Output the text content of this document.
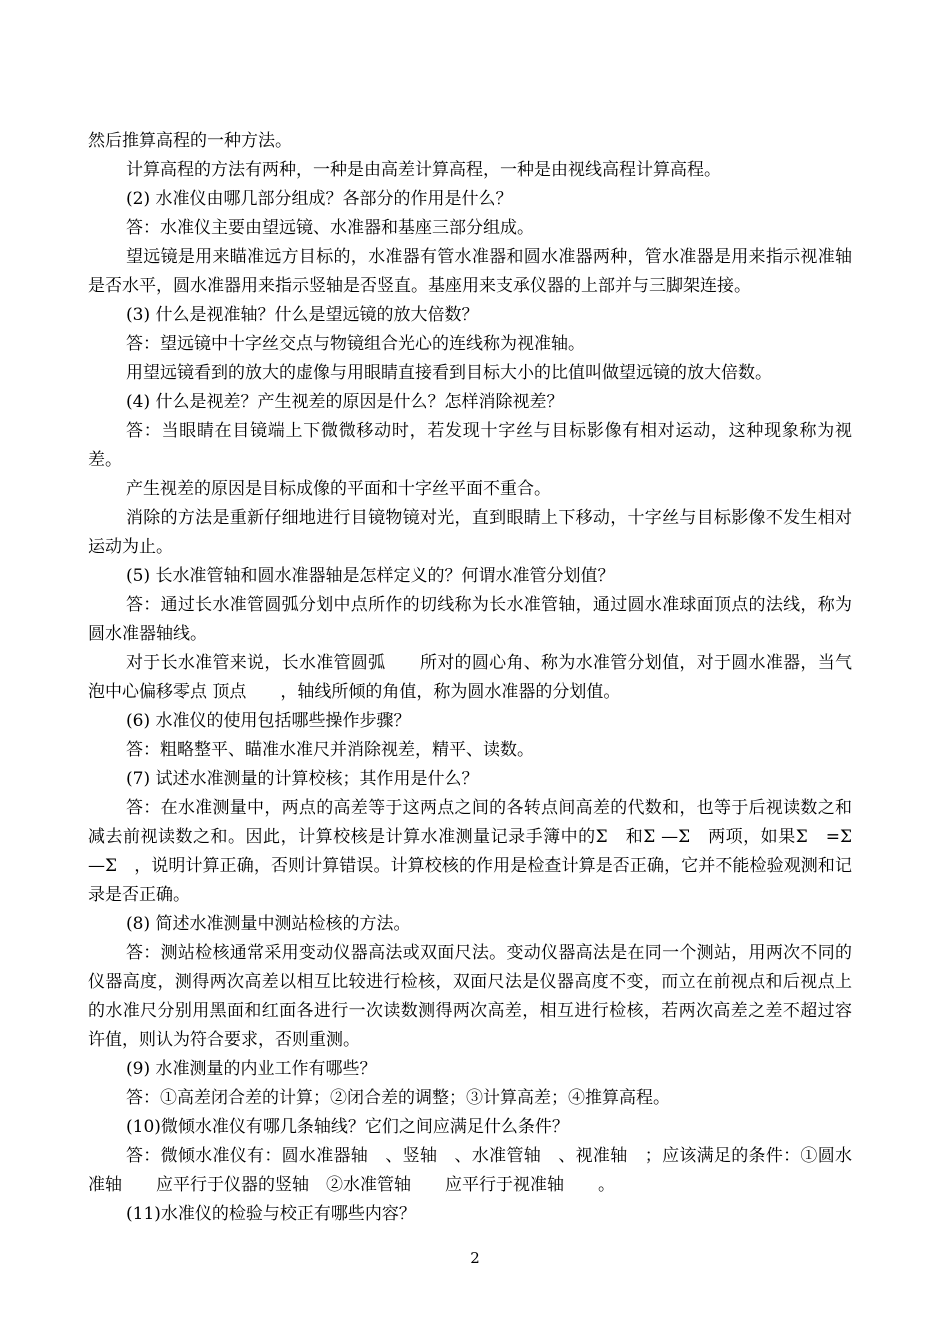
然后推算高程的一种方法。

计算高程的方法有两种，一种是由高差计算高程，一种是由视线高程计算高程。

(2) 水准仪由哪几部分组成？各部分的作用是什么？

答：水准仪主要由望远镜、水准器和基座三部分组成。

望远镜是用来瞄准远方目标的，水准器有管水准器和圆水准器两种，管水准器是用来指示视准轴是否水平，圆水准器用来指示竖轴是否竖直。基座用来支承仪器的上部并与三脚架连接。

(3) 什么是视准轴？什么是望远镜的放大倍数？

答：望远镜中十字丝交点与物镜组合光心的连线称为视准轴。

用望远镜看到的放大的虚像与用眼睛直接看到目标大小的比值叫做望远镜的放大倍数。

(4) 什么是视差？产生视差的原因是什么？怎样消除视差？

答：当眼睛在目镜端上下微微移动时，若发现十字丝与目标影像有相对运动，这种现象称为视差。

产生视差的原因是目标成像的平面和十字丝平面不重合。

消除的方法是重新仔细地进行目镜物镜对光，直到眼睛上下移动，十字丝与目标影像不发生相对运动为止。

(5) 长水准管轴和圆水准器轴是怎样定义的？何谓水准管分划值？

答：通过长水准管圆弧分划中点所作的切线称为长水准管轴，通过圆水准球面顶点的法线，称为圆水准器轴线。

对于长水准管来说，长水准管圆弧　　所对的圆心角、称为水准管分划值，对于圆水准器，当气泡中心偏移零点 顶点　　，轴线所倾的角值，称为圆水准器的分划值。

(6) 水准仪的使用包括哪些操作步骤？

答：粗略整平、瞄准水准尺并消除视差，精平、读数。

(7) 试述水准测量的计算校核；其作用是什么？

答：在水准测量中，两点的高差等于这两点之间的各转点间高差的代数和，也等于后视读数之和减去前视读数之和。因此，计算校核是计算水准测量记录手簿中的Σ　和Σ —Σ　两项，如果Σ　=Σ —Σ　，说明计算正确，否则计算错误。计算校核的作用是检查计算是否正确，它并不能检验观测和记录是否正确。

(8) 简述水准测量中测站检核的方法。

答：测站检核通常采用变动仪器高法或双面尺法。变动仪器高法是在同一个测站，用两次不同的仪器高度，测得两次高差以相互比较进行检核，双面尺法是仪器高度不变，而立在前视点和后视点上的水准尺分别用黑面和红面各进行一次读数测得两次高差，相互进行检核，若两次高差之差不超过容许值，则认为符合要求，否则重测。

(9) 水准测量的内业工作有哪些？

答：①高差闭合差的计算；②闭合差的调整；③计算高差；④推算高程。

(10)微倾水准仪有哪几条轴线？它们之间应满足什么条件？

答：微倾水准仪有：圆水准器轴　、竖轴　、水准管轴　、视准轴　；应该满足的条件：①圆水准轴　　应平行于仪器的竖轴　②水准管轴　　应平行于视准轴　　。

(11)水准仪的检验与校正有哪些内容？

2
